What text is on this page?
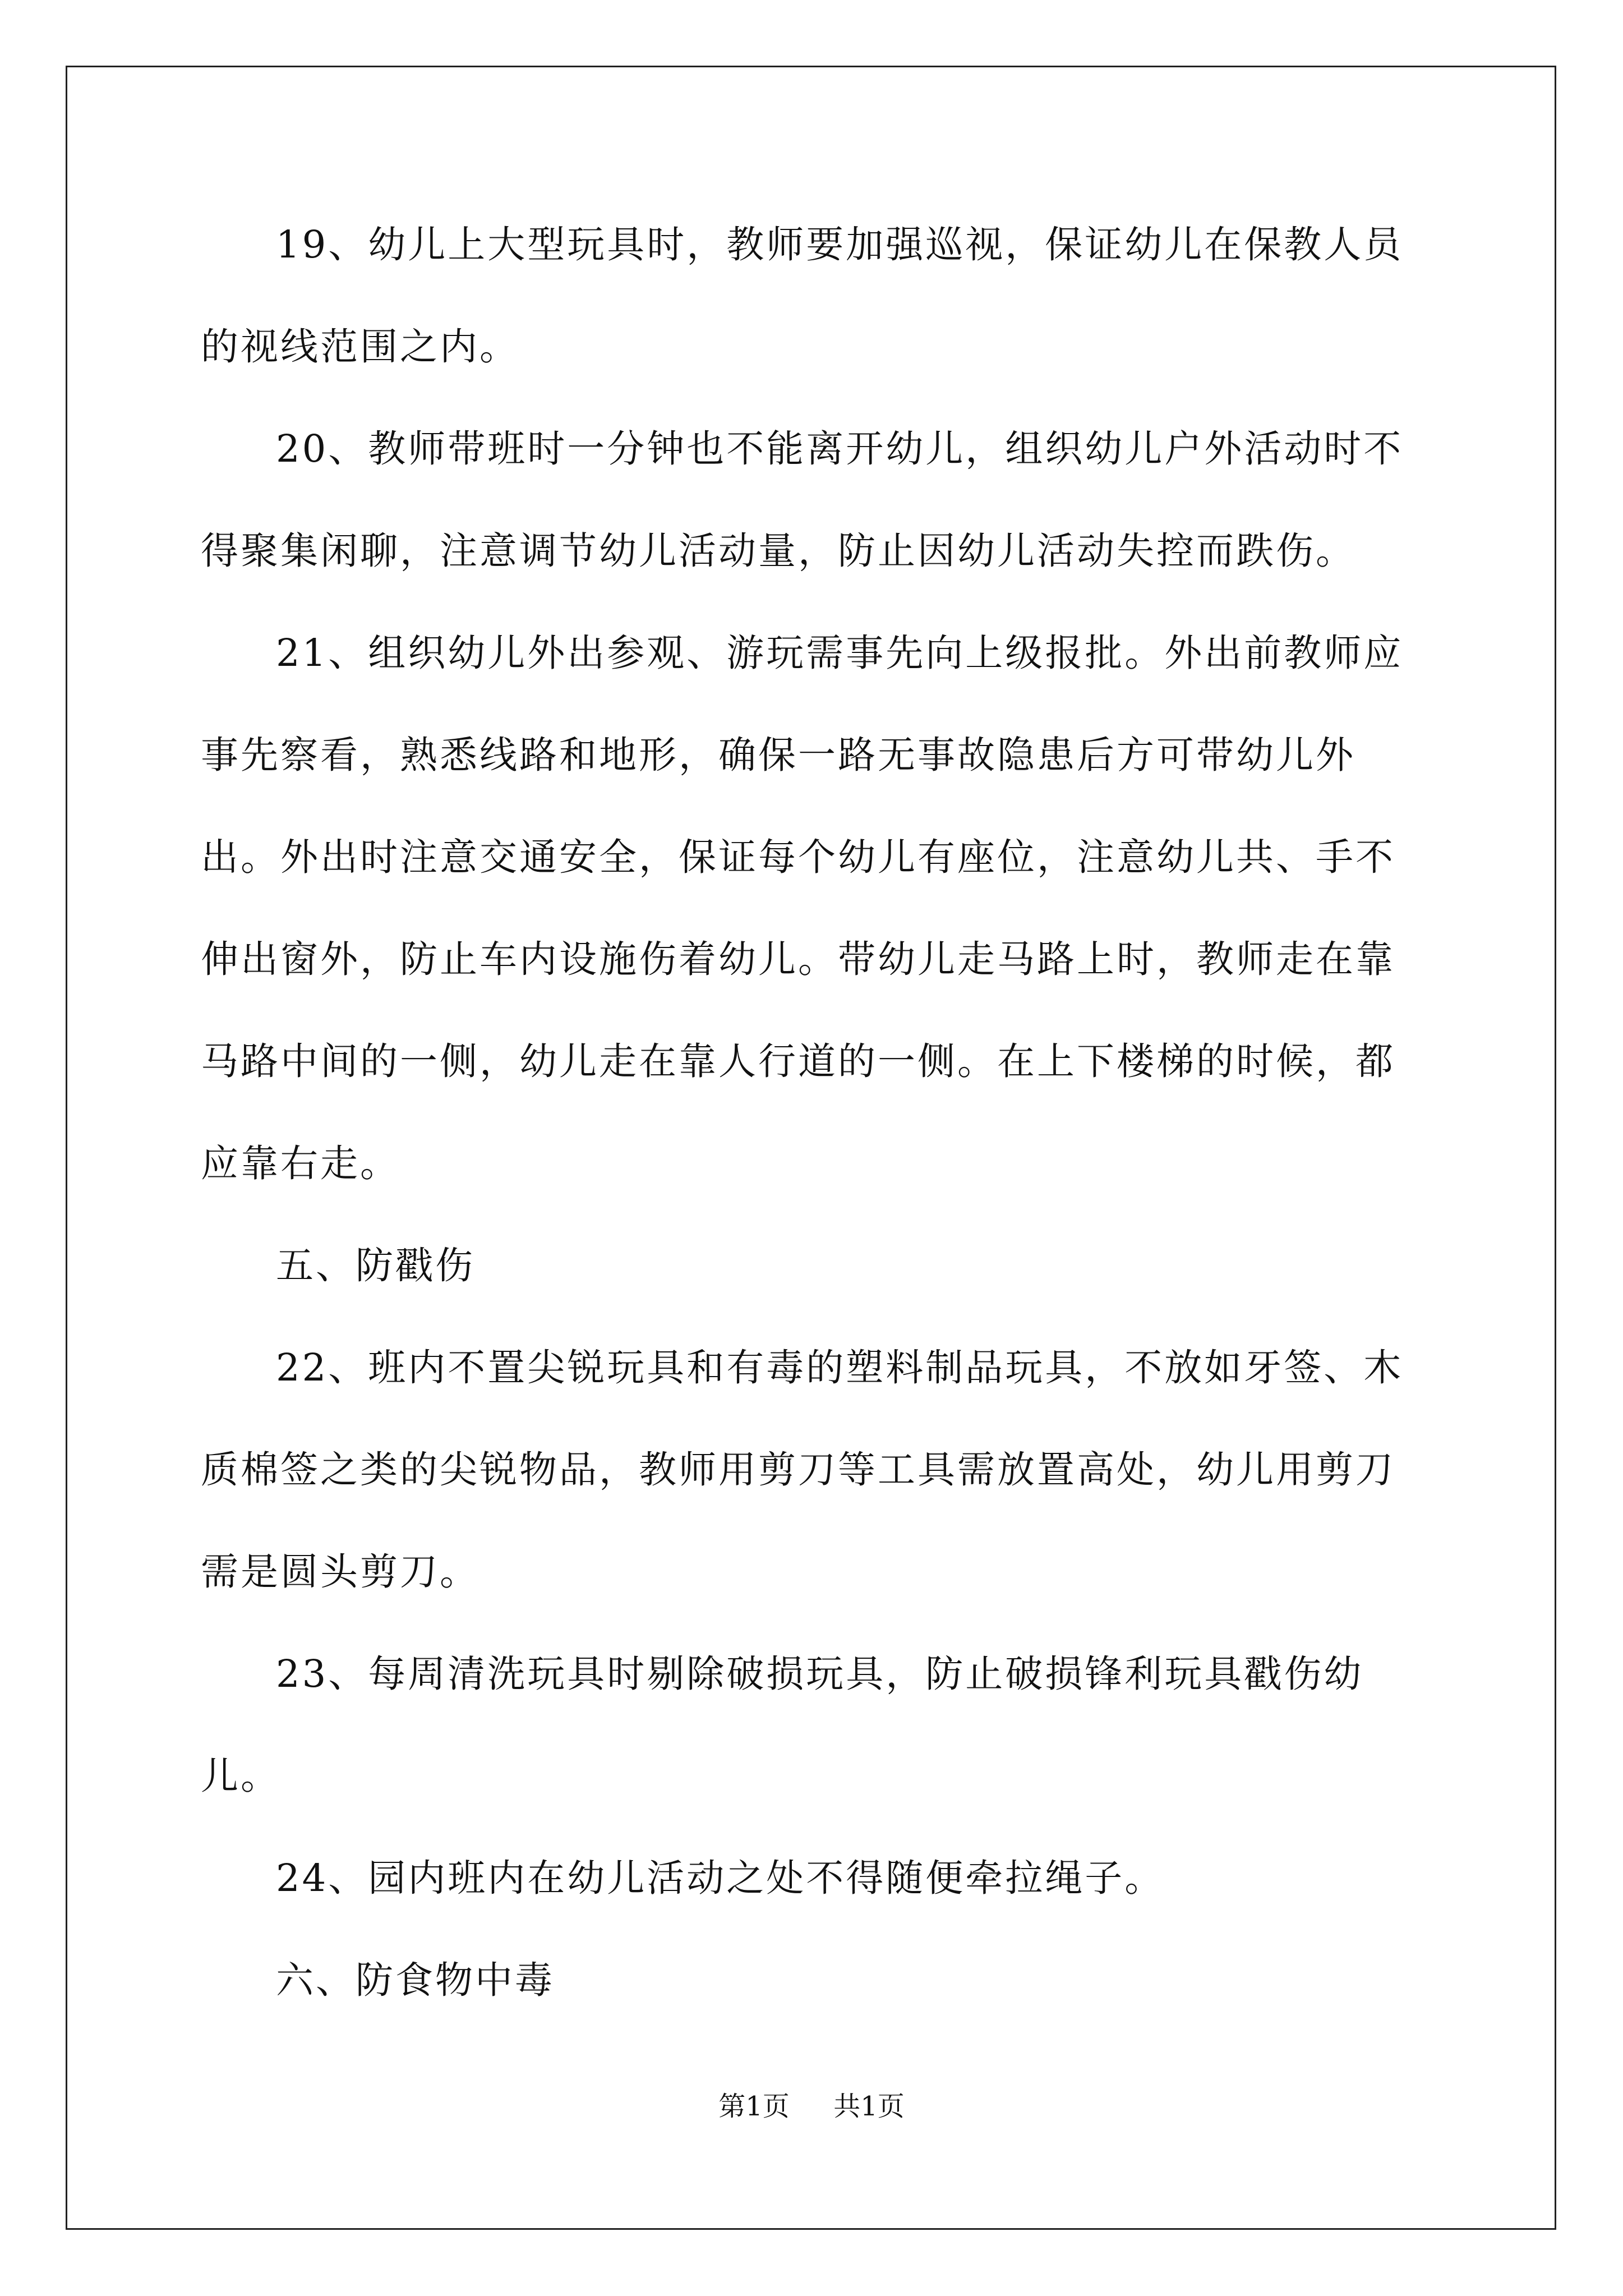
19、幼儿上大型玩具时，教师要加强巡视，保证幼儿在保教人员的视线范围之内。

20、教师带班时一分钟也不能离开幼儿，组织幼儿户外活动时不得聚集闲聊，注意调节幼儿活动量，防止因幼儿活动失控而跌伤。

21、组织幼儿外出参观、游玩需事先向上级报批。外出前教师应事先察看，熟悉线路和地形，确保一路无事故隐患后方可带幼儿外出。外出时注意交通安全，保证每个幼儿有座位，注意幼儿共、手不伸出窗外，防止车内设施伤着幼儿。带幼儿走马路上时，教师走在靠马路中间的一侧，幼儿走在靠人行道的一侧。在上下楼梯的时候，都应靠右走。

五、防戳伤

22、班内不置尖锐玩具和有毒的塑料制品玩具，不放如牙签、木质棉签之类的尖锐物品，教师用剪刀等工具需放置高处，幼儿用剪刀需是圆头剪刀。

23、每周清洗玩具时剔除破损玩具，防止破损锋利玩具戳伤幼儿。

24、园内班内在幼儿活动之处不得随便牵拉绳子。

六、防食物中毒

第1页 共1页
